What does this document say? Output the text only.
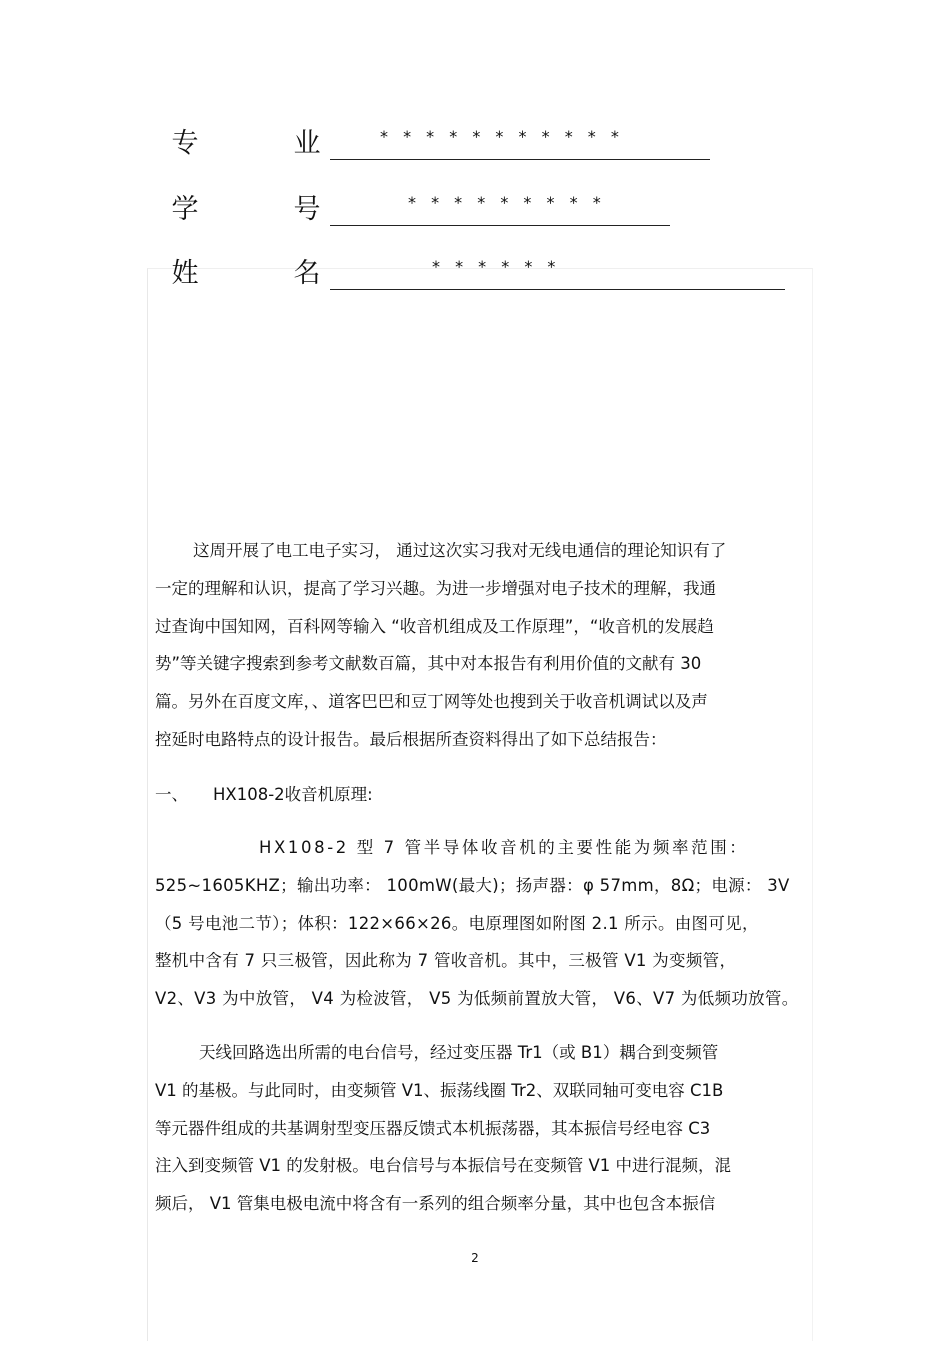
专	业	* * * * * * * * * * *
学	号	* * * * * * * * *
姓	名	* * * * * *
这周开展了电工电子实习， 通过这次实习我对无线电通信的理论知识有了
一定的理解和认识，提高了学习兴趣。为进一步增强对电子技术的理解，我通
过查询中国知网，百科网等输入 “收音机组成及工作原理”，“收音机的发展趋
势”等关键字搜索到参考文献数百篇，其中对本报告有利用价值的文献有 30
篇。另外在百度文库，、道客巴巴和豆丁网等处也搜到关于收音机调试以及声
控延时电路特点的设计报告。最后根据所查资料得出了如下总结报告：
一、 HX108-2收音机原理:
HX108-2 型 7 管半导体收音机的主要性能为频率范围：
525~1605KHZ；输出功率： 100mW(最大)；扬声器：φ 57mm，8Ω；电源： 3V
（5 号电池二节）；体积：122×66×26。电原理图如附图 2.1 所示。由图可见，
整机中含有 7 只三极管，因此称为 7 管收音机。其中，三极管 V1 为变频管，
V2、V3 为中放管， V4 为检波管， V5 为低频前置放大管， V6、V7 为低频功放管。
天线回路选出所需的电台信号，经过变压器 Tr1（或 B1）耦合到变频管
V1 的基极。与此同时，由变频管 V1、振荡线圈 Tr2、双联同轴可变电容 C1B
等元器件组成的共基调射型变压器反馈式本机振荡器，其本振信号经电容 C3
注入到变频管 V1 的发射极。电台信号与本振信号在变频管 V1 中进行混频，混
频后， V1 管集电极电流中将含有一系列的组合频率分量，其中也包含本振信
2
